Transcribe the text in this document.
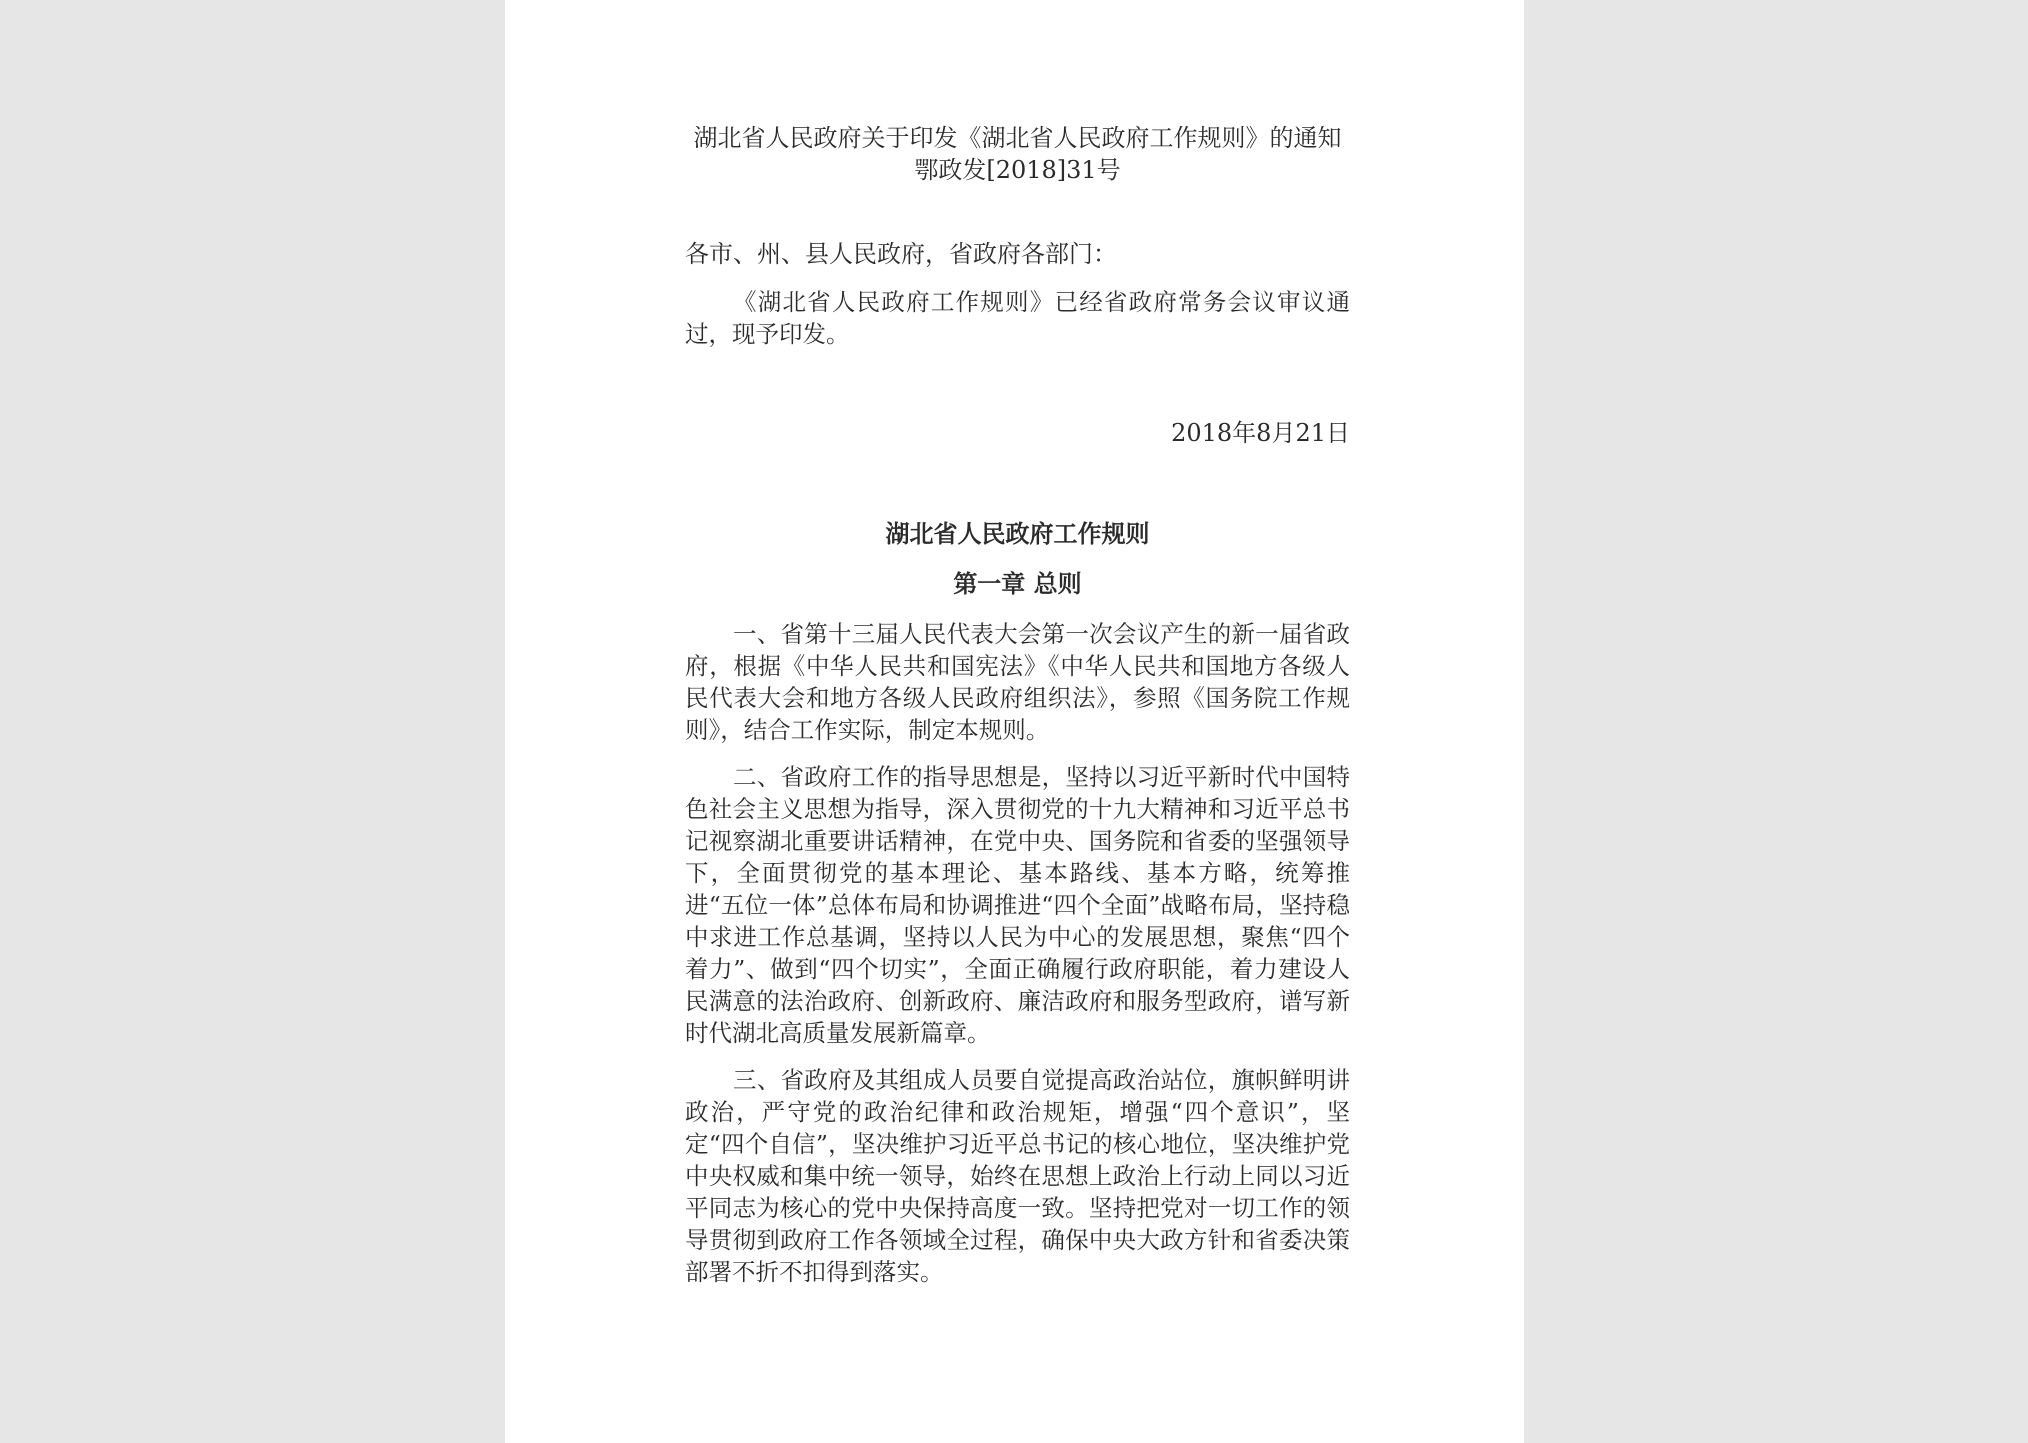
湖北省人民政府关于印发《湖北省人民政府工作规则》的通知
鄂政发[2018]31号
各市、州、县人民政府，省政府各部门：

《湖北省人民政府工作规则》已经省政府常务会议审议通过，现予印发。

2018年8月21日
湖北省人民政府工作规则
第一章 总则

一、省第十三届人民代表大会第一次会议产生的新一届省政府，根据《中华人民共和国宪法》《中华人民共和国地方各级人民代表大会和地方各级人民政府组织法》，参照《国务院工作规则》，结合工作实际，制定本规则。

二、省政府工作的指导思想是，坚持以习近平新时代中国特色社会主义思想为指导，深入贯彻党的十九大精神和习近平总书记视察湖北重要讲话精神，在党中央、国务院和省委的坚强领导下，全面贯彻党的基本理论、基本路线、基本方略，统筹推进“五位一体”总体布局和协调推进“四个全面”战略布局，坚持稳中求进工作总基调，坚持以人民为中心的发展思想，聚焦“四个着力”、做到“四个切实”，全面正确履行政府职能，着力建设人民满意的法治政府、创新政府、廉洁政府和服务型政府，谱写新时代湖北高质量发展新篇章。

三、省政府及其组成人员要自觉提高政治站位，旗帜鲜明讲政治，严守党的政治纪律和政治规矩，增强“四个意识”，坚定“四个自信”，坚决维护习近平总书记的核心地位，坚决维护党中央权威和集中统一领导，始终在思想上政治上行动上同以习近平同志为核心的党中央保持高度一致。坚持把党对一切工作的领导贯彻到政府工作各领域全过程，确保中央大政方针和省委决策部署不折不扣得到落实。
